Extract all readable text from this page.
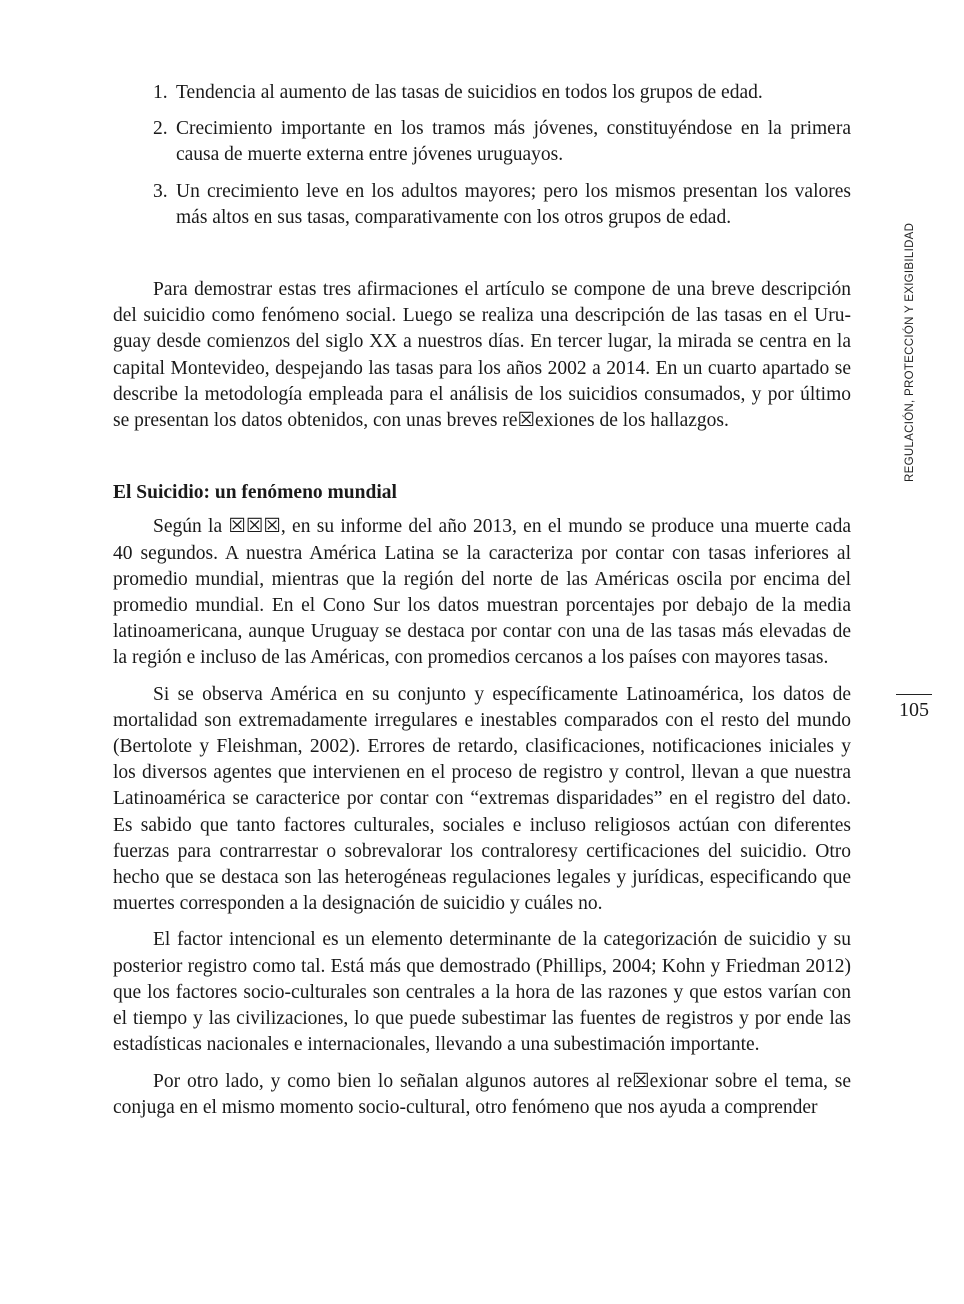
1. Tendencia al aumento de las tasas de suicidios en todos los grupos de edad.
2. Crecimiento importante en los tramos más jóvenes, constituyéndose en la primera causa de muerte externa entre jóvenes uruguayos.
3. Un crecimiento leve en los adultos mayores; pero los mismos presentan los valores más altos en sus tasas, comparativamente con los otros grupos de edad.

Para demostrar estas tres afirmaciones el artículo se compone de una breve descripción del suicidio como fenómeno social. Luego se realiza una descripción de las tasas en el Uruguay desde comienzos del siglo XX a nuestros días. En tercer lugar, la mirada se centra en la capital Montevideo, despejando las tasas para los años 2002 a 2014. En un cuarto apartado se describe la metodología empleada para el análisis de los suicidios consumados, y por último se presentan los datos obtenidos, con unas breves re☒exiones de los hallazgos.

El Suicidio: un fenómeno mundial

Según la ☒☒☒, en su informe del año 2013, en el mundo se produce una muerte cada 40 segundos. A nuestra América Latina se la caracteriza por contar con tasas inferiores al promedio mundial, mientras que la región del norte de las Américas oscila por encima del promedio mundial. En el Cono Sur los datos muestran porcentajes por debajo de la media latinoamericana, aunque Uruguay se destaca por contar con una de las tasas más elevadas de la región e incluso de las Américas, con promedios cercanos a los países con mayores tasas.

Si se observa América en su conjunto y específicamente Latinoamérica, los datos de mortalidad son extremadamente irregulares e inestables comparados con el resto del mundo (Bertolote y Fleishman, 2002). Errores de retardo, clasificaciones, notificaciones iniciales y los diversos agentes que intervienen en el proceso de registro y control, llevan a que nuestra Latinoamérica se caracterice por contar con “extremas disparidades” en el registro del dato. Es sabido que tanto factores culturales, sociales e incluso religiosos actúan con diferentes fuerzas para contrarrestar o sobrevalorar los contraloresy certificaciones del suicidio. Otro hecho que se destaca son las heterogéneas regulaciones legales y jurídicas, especificando que muertes corresponden a la designación de suicidio y cuáles no.

El factor intencional es un elemento determinante de la categorización de suicidio y su posterior registro como tal. Está más que demostrado (Phillips, 2004; Kohn y Friedman 2012) que los factores socio-culturales son centrales a la hora de las razones y que estos varían con el tiempo y las civilizaciones, lo que puede subestimar las fuentes de registros y por ende las estadísticas nacionales e internacionales, llevando a una subestimación importante.

Por otro lado, y como bien lo señalan algunos autores al re☒exionar sobre el tema, se conjuga en el mismo momento socio-cultural, otro fenómeno que nos ayuda a comprender

REGULACIÓN, PROTECCIÓN Y EXIGIBILIDAD
105
